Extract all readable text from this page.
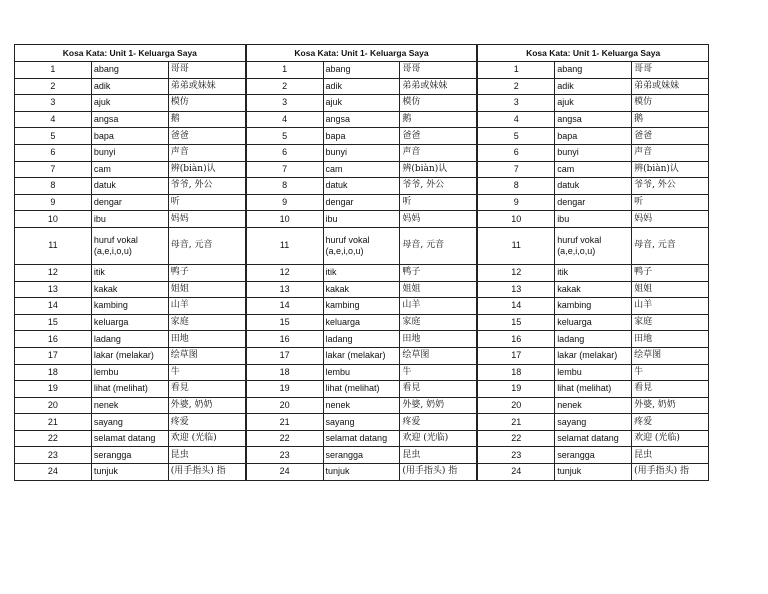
Kosa Kata: Unit 1- Keluarga Saya		
1	abang	哥哥
2	adik	弟弟或妹妹
3	ajuk	模仿
4	angsa	鹅
5	bapa	爸爸
6	bunyi	声音
7	cam	辨(biàn)认
8	datuk	爷爷, 外公
9	dengar	听
10	ibu	妈妈
11	huruf vokal (a,e,i,o,u)	母音, 元音
12	itik	鸭子
13	kakak	姐姐
14	kambing	山羊
15	keluarga	家庭
16	ladang	田地
17	lakar (melakar)	绘草图
18	lembu	牛
19	lihat (melihat)	看見
20	nenek	外婆, 奶奶
21	sayang	疼爱
22	selamat datang	欢迎 (光临)
23	serangga	昆虫
24	tunjuk	(用手指头) 指
Kosa Kata: Unit 1- Keluarga Saya		
1	abang	哥哥
2	adik	弟弟或妹妹
3	ajuk	模仿
4	angsa	鹅
5	bapa	爸爸
6	bunyi	声音
7	cam	辨(biàn)认
8	datuk	爷爷, 外公
9	dengar	听
10	ibu	妈妈
11	huruf vokal (a,e,i,o,u)	母音, 元音
12	itik	鸭子
13	kakak	姐姐
14	kambing	山羊
15	keluarga	家庭
16	ladang	田地
17	lakar (melakar)	绘草图
18	lembu	牛
19	lihat (melihat)	看見
20	nenek	外婆, 奶奶
21	sayang	疼爱
22	selamat datang	欢迎 (光临)
23	serangga	昆虫
24	tunjuk	(用手指头) 指
Kosa Kata: Unit 1- Keluarga Saya		
1	abang	哥哥
2	adik	弟弟或妹妹
3	ajuk	模仿
4	angsa	鹅
5	bapa	爸爸
6	bunyi	声音
7	cam	辨(biàn)认
8	datuk	爷爷, 外公
9	dengar	听
10	ibu	妈妈
11	huruf vokal (a,e,i,o,u)	母音, 元音
12	itik	鸭子
13	kakak	姐姐
14	kambing	山羊
15	keluarga	家庭
16	ladang	田地
17	lakar (melakar)	绘草图
18	lembu	牛
19	lihat (melihat)	看見
20	nenek	外婆, 奶奶
21	sayang	疼爱
22	selamat datang	欢迎 (光临)
23	serangga	昆虫
24	tunjuk	(用手指头) 指
